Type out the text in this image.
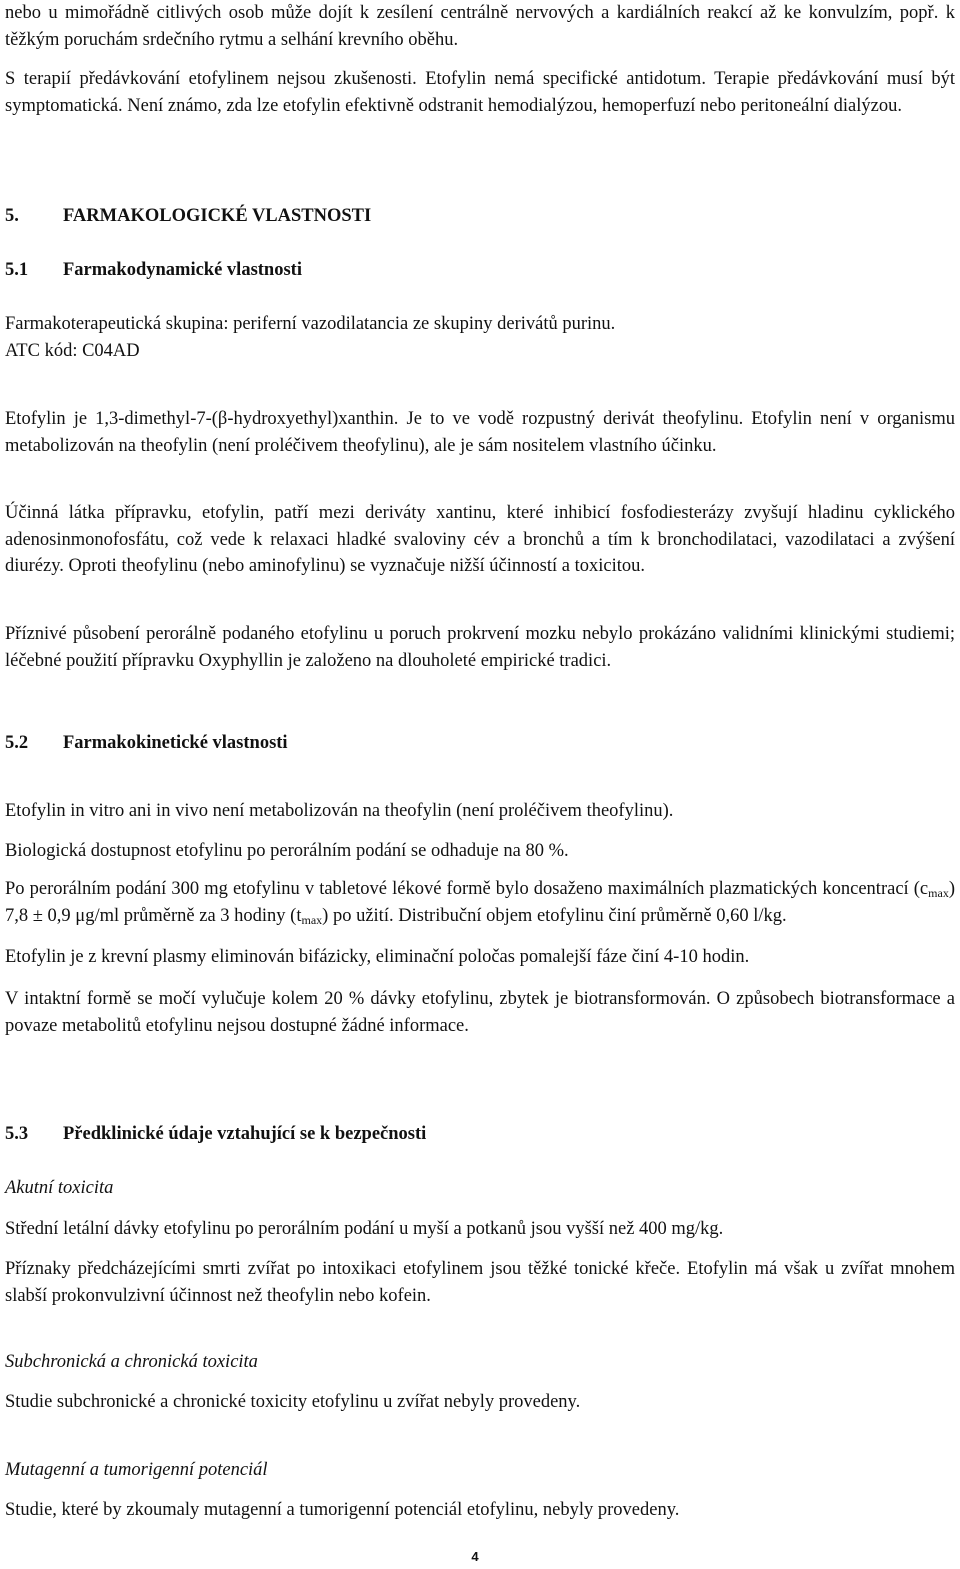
nebo u mimořádně citlivých osob může dojít k zesílení centrálně nervových a kardiálních reakcí až ke konvulzím, popř. k těžkým poruchám srdečního rytmu a selhání krevního oběhu.

S terapií předávkování etofylinem nejsou zkušenosti. Etofylin nemá specifické antidotum. Terapie předávkování musí být symptomatická. Není známo, zda lze etofylin efektivně odstranit hemodialýzou, hemoperfuzí nebo peritoneální dialýzou.

5. FARMAKOLOGICKÉ VLASTNOSTI
5.1 Farmakodynamické vlastnosti

Farmakoterapeutická skupina: periferní vazodilatancia ze skupiny derivátů purinu.

ATC kód: C04AD

Etofylin je 1,3-dimethyl-7-(β-hydroxyethyl)xanthin. Je to ve vodě rozpustný derivát theofylinu. Etofylin není v organismu metabolizován na theofylin (není proléčivem theofylinu), ale je sám nositelem vlastního účinku.

Účinná látka přípravku, etofylin, patří mezi deriváty xantinu, které inhibicí fosfodiesterázy zvyšují hladinu cyklického adenosinmonofosfátu, což vede k relaxaci hladké svaloviny cév a bronchů a tím k bronchodilataci, vazodilataci a zvýšení diurézy. Oproti theofylinu (nebo aminofylinu) se vyznačuje nižší účinností a toxicitou.

Příznivé působení perorálně podaného etofylinu u poruch prokrvení mozku nebylo prokázáno validními klinickými studiemi; léčebné použití přípravku Oxyphyllin je založeno na dlouholeté empirické tradici.

5.2 Farmakokinetické vlastnosti

Etofylin in vitro ani in vivo není metabolizován na theofylin (není proléčivem theofylinu).

Biologická dostupnost etofylinu po perorálním podání se odhaduje na 80 %.

Po perorálním podání 300 mg etofylinu v tabletové lékové formě bylo dosaženo maximálních plazmatických koncentrací $(c_{max}) 7,8 \pm 0,9$ μg/ml průměrně za 3 hodiny $(t_{max})$ po užití. Distribuční objem etofylinu činí průměrně 0,60 l/kg.

Etofylin je z krevní plasmy eliminován bifázicky, eliminační poločas pomalejší fáze činí 4-10 hodin.

V intaktní formě se močí vylučuje kolem 20 % dávky etofylinu, zbytek je biotransformován. O způsobech biotransformace a povaze metabolitů etofylinu nejsou dostupné žádné informace.

5.3 Předklinické údaje vztahující se k bezpečnosti

Akutní toxicita

Střední letální dávky etofylinu po perorálním podání u myší a potkanů jsou vyšší než 400 mg/kg.

Příznaky předcházejícími smrti zvířat po intoxikaci etofylinem jsou těžké tonické křeče. Etofylin má však u zvířat mnohem slabší prokonvulzivní účinnost než theofylin nebo kofein.

Subchronická a chronická toxicita

Studie subchronické a chronické toxicity etofylinu u zvířat nebyly provedeny.

Mutagenní a tumorigenní potenciál

Studie, které by zkoumaly mutagenní a tumorigenní potenciál etofylinu, nebyly provedeny.

4
